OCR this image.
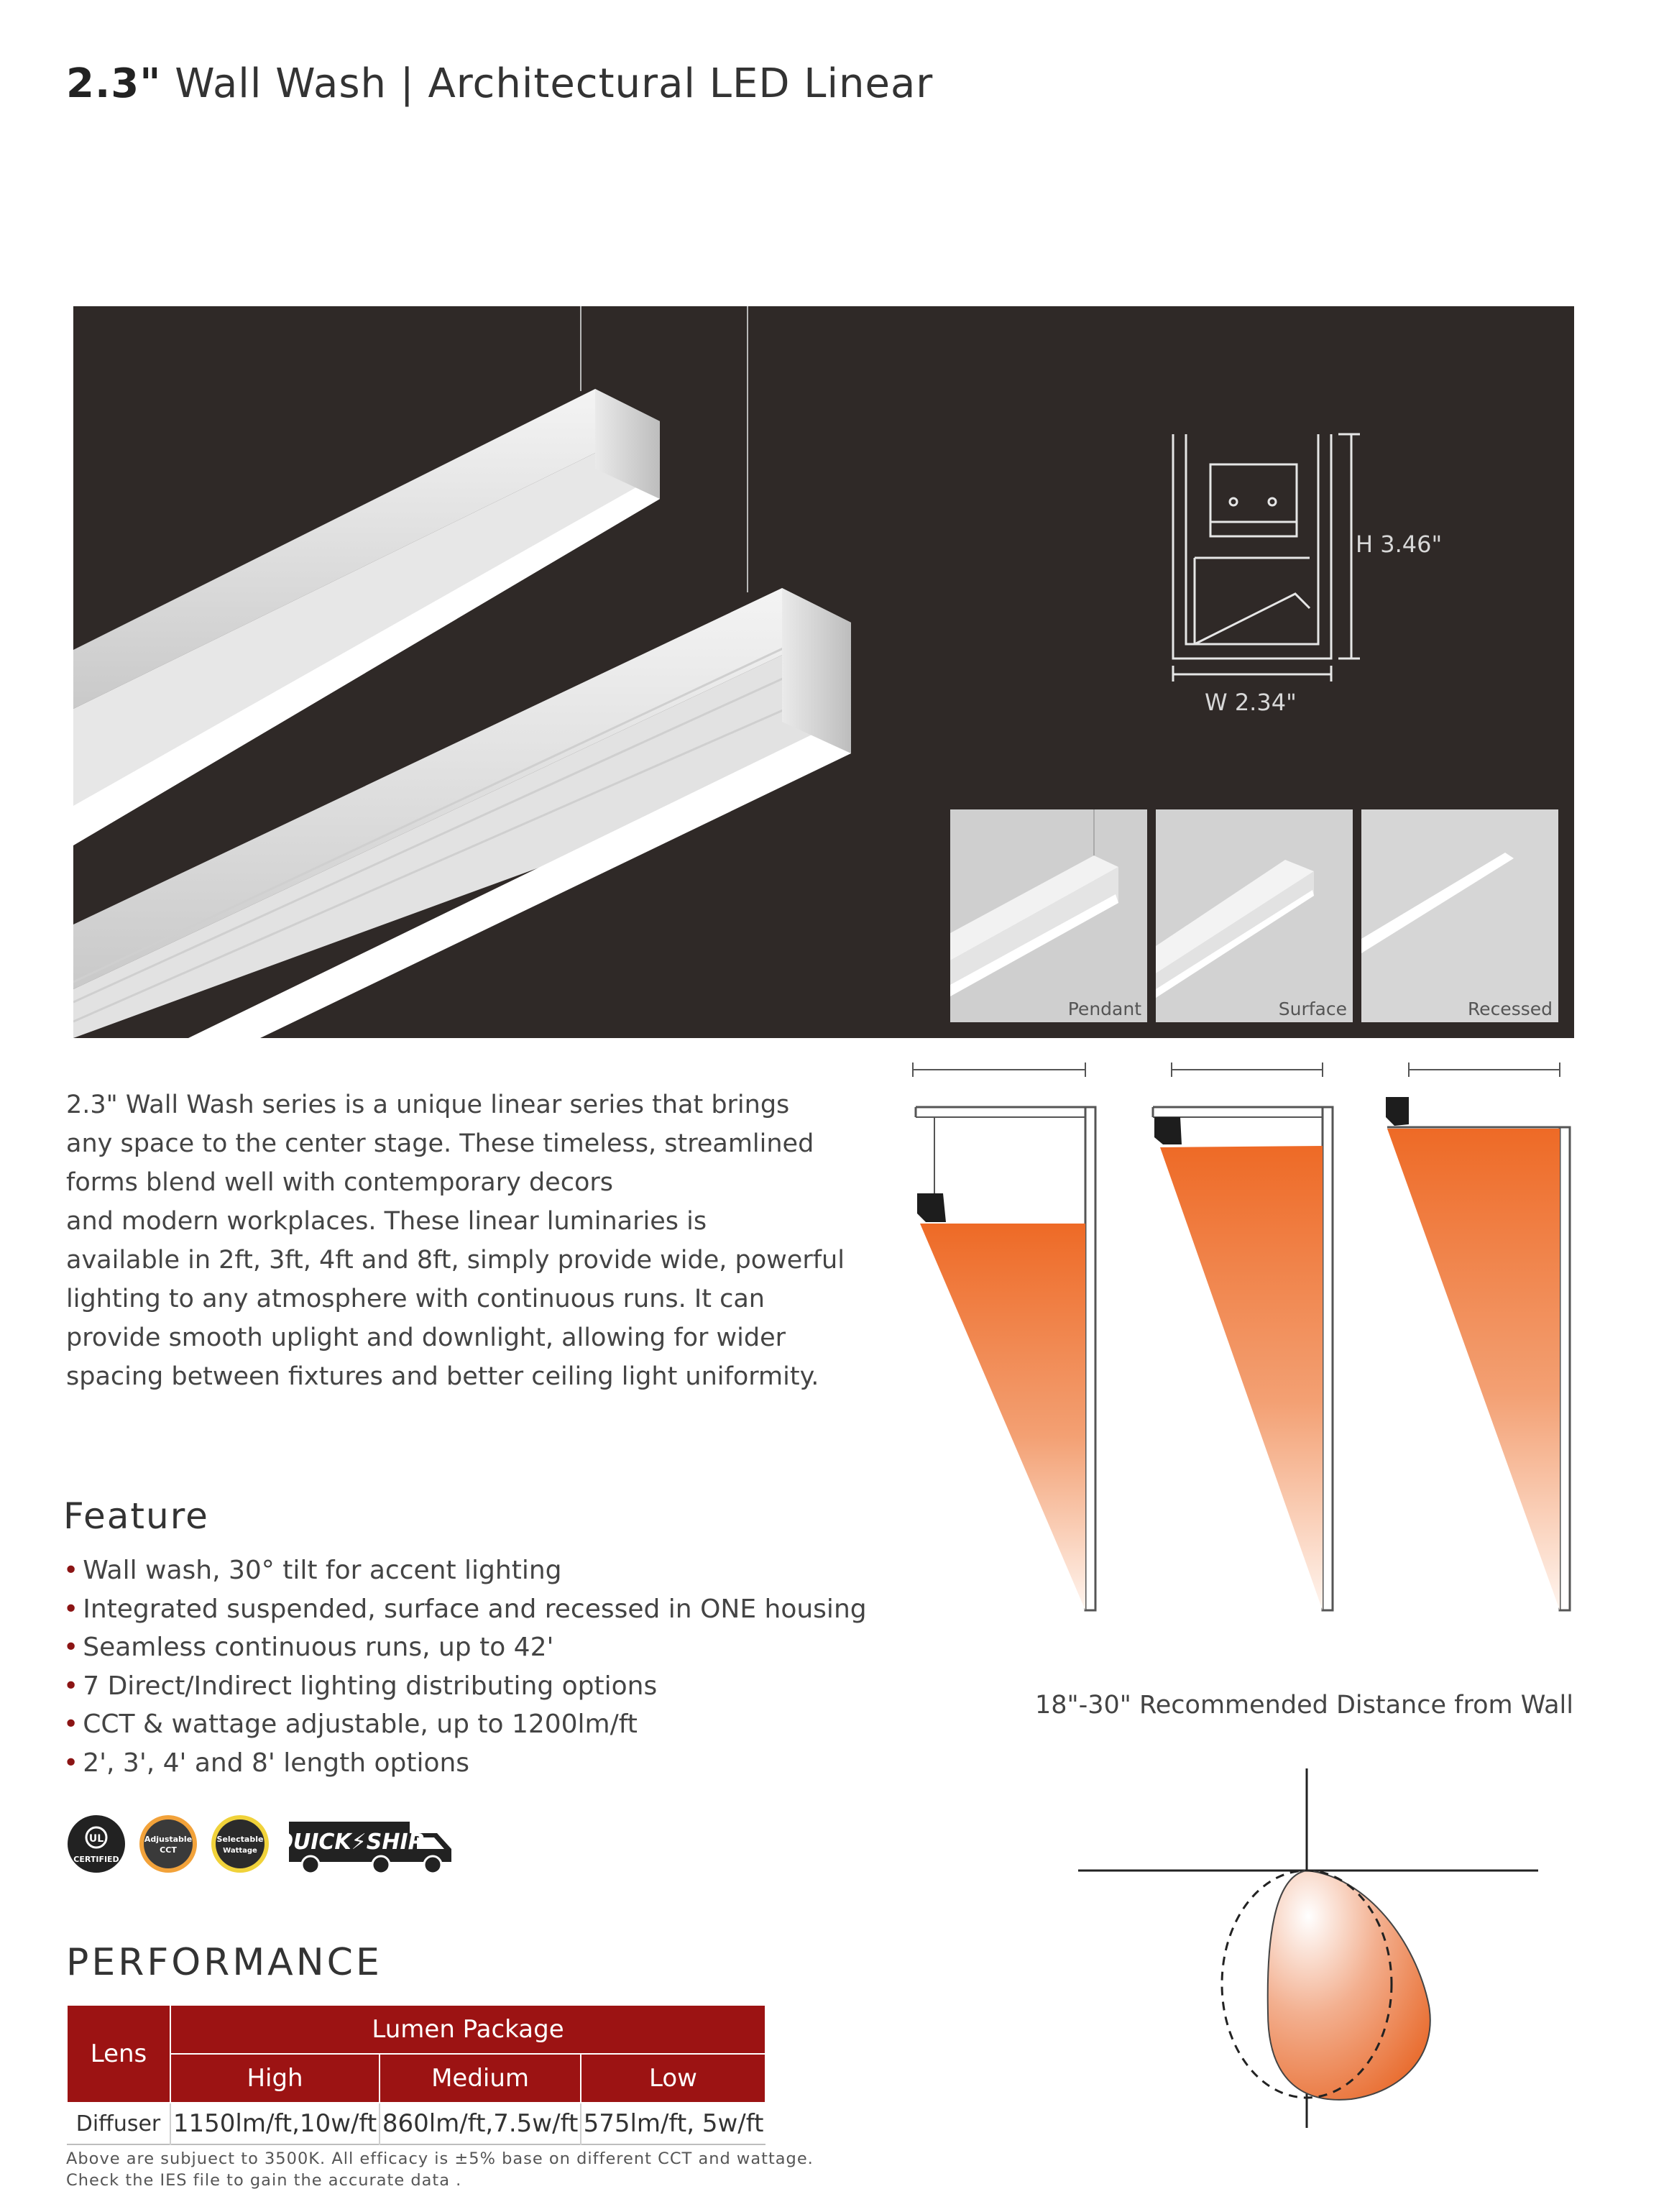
2.3" Wall Wash | Architectural LED Linear
H 3.46"
W 2.34"
Pendant	Surface	Recessed

2.3" Wall Wash series is a unique linear series that brings

any space to the center stage. These timeless, streamlined

forms blend well with contemporary decors

and modern workplaces. These linear luminaries is

available in 2ft, 3ft, 4ft and 8ft, simply provide wide, powerful

lighting to any atmosphere with continuous runs. It can

provide smooth uplight and downlight, allowing for wider

spacing between fixtures and better ceiling light uniformity.

Feature
• Wall wash, 30° tilt for accent lighting
• Integrated suspended, surface and recessed in ONE housing
• Seamless continuous runs, up to 42'
• 7 Direct/Indirect lighting distributing options
• CCT & wattage adjustable, up to 1200lm/ft
• 2', 3', 4' and 8' length options
UL
CERTIFIED
Adjustable
CCT
Selectable
Wattage QUICK⚡SHIP
PERFORMANCE
Lens	Lumen Package		
	High	Medium	Low
Diffuser	1150lm/ft,10w/ft	860lm/ft,7.5w/ft	575lm/ft, 5w/ft
Above are subjuect to 3500K. All efficacy is ±5% base on different CCT and wattage.
Check the IES file to gain the accurate data .
18"-30" Recommended Distance from Wall
